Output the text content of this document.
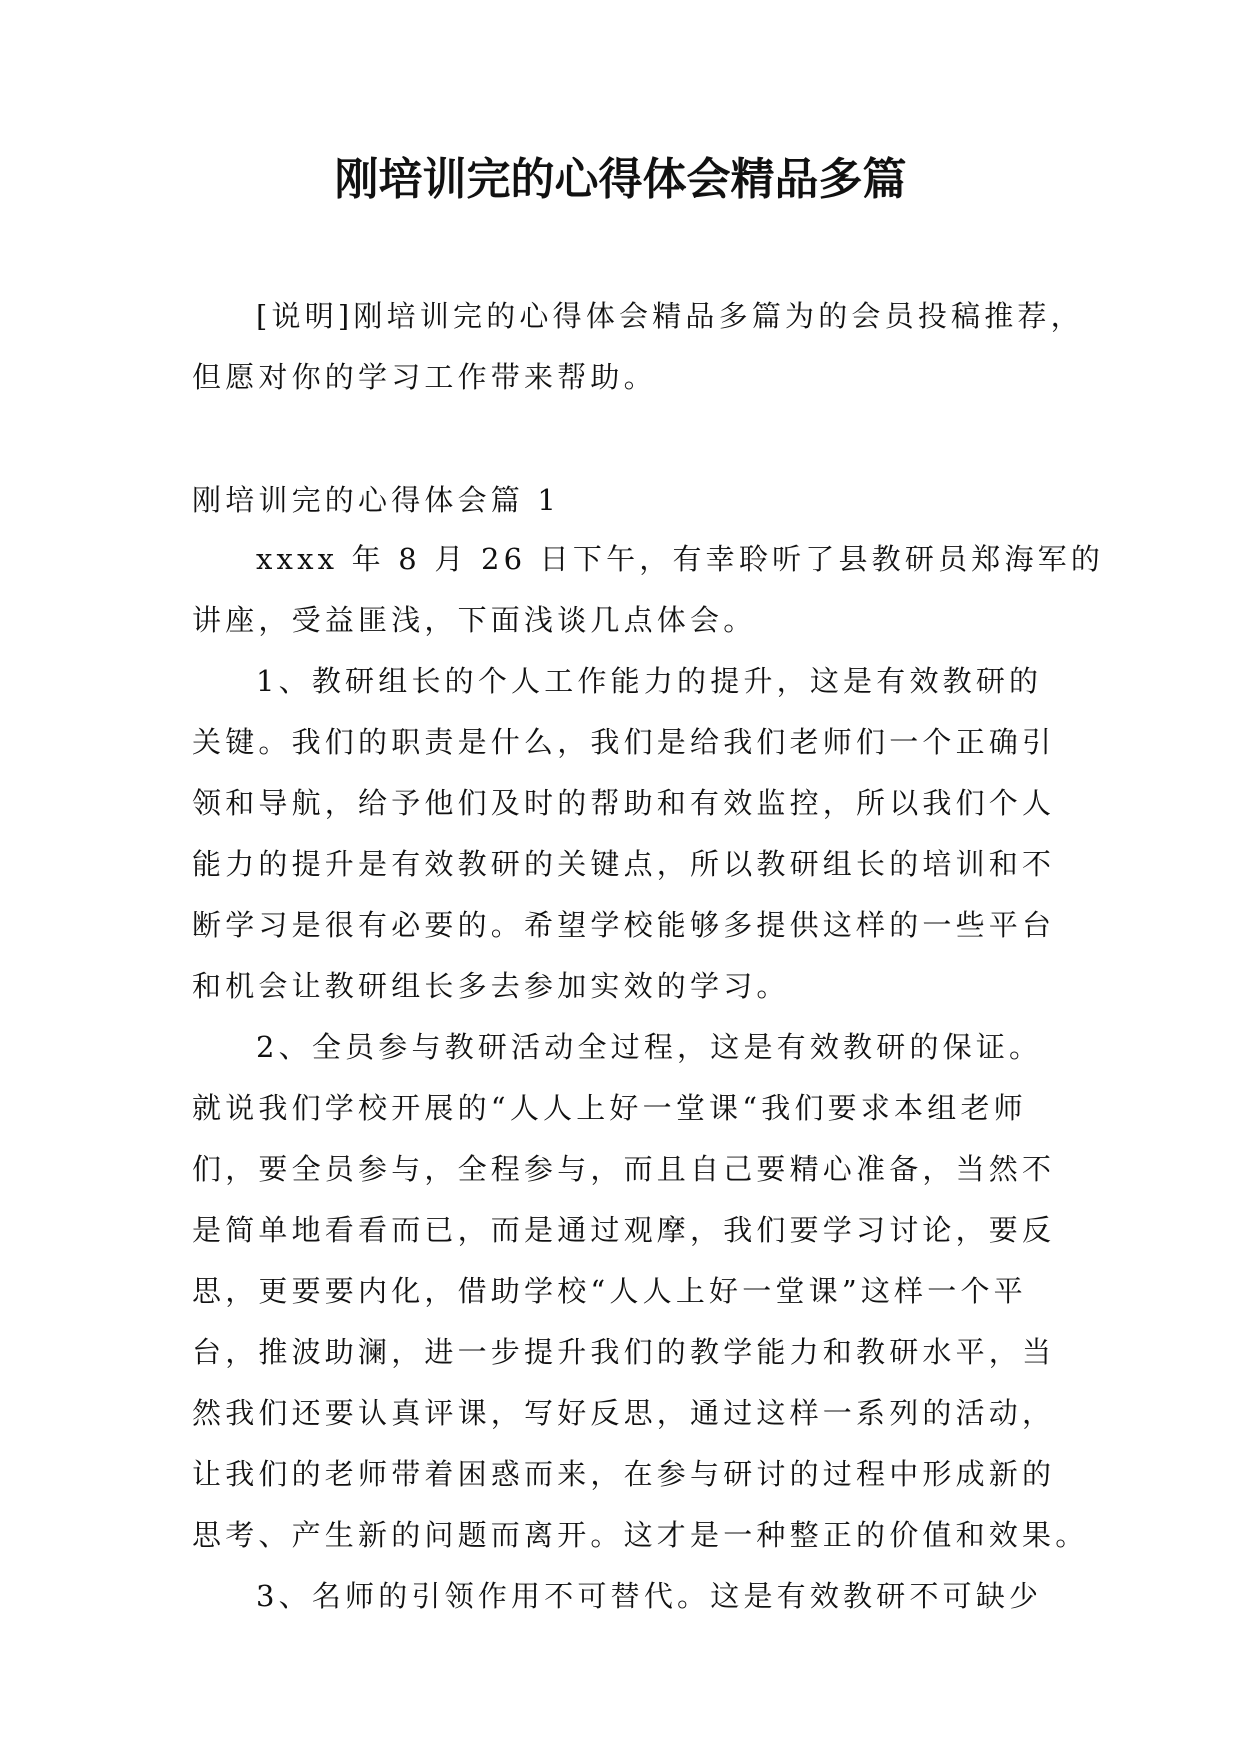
刚培训完的心得体会精品多篇
[说明]刚培训完的心得体会精品多篇为的会员投稿推荐，
但愿对你的学习工作带来帮助。
刚培训完的心得体会篇 1
xxxx 年 8 月 26 日下午，有幸聆听了县教研员郑海军的
讲座，受益匪浅，下面浅谈几点体会。
1、教研组长的个人工作能力的提升，这是有效教研的
关键。我们的职责是什么，我们是给我们老师们一个正确引
领和导航，给予他们及时的帮助和有效监控，所以我们个人
能力的提升是有效教研的关键点，所以教研组长的培训和不
断学习是很有必要的。希望学校能够多提供这样的一些平台
和机会让教研组长多去参加实效的学习。
2、全员参与教研活动全过程，这是有效教研的保证。
就说我们学校开展的“人人上好一堂课“我们要求本组老师
们，要全员参与，全程参与，而且自己要精心准备，当然不
是简单地看看而已，而是通过观摩，我们要学习讨论，要反
思，更要要内化，借助学校“人人上好一堂课”这样一个平
台，推波助澜，进一步提升我们的教学能力和教研水平，当
然我们还要认真评课，写好反思，通过这样一系列的活动，
让我们的老师带着困惑而来，在参与研讨的过程中形成新的
思考、产生新的问题而离开。这才是一种整正的价值和效果。
3、名师的引领作用不可替代。这是有效教研不可缺少
